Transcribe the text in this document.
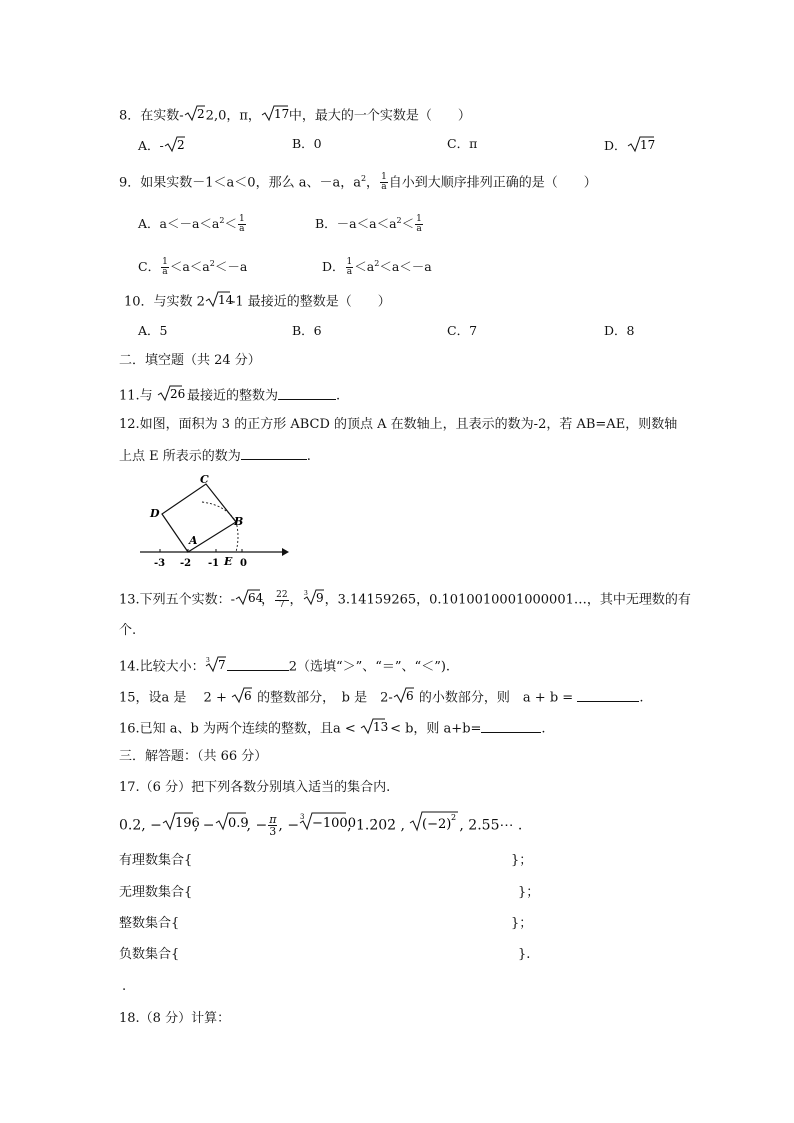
8．在实数- 2 2,0，π， 17 中，最大的一个实数是（　　）
A．- 2	B．0	C．π	D． 17
9．如果实数－1＜a＜0，那么 a、－a，$a^2$， $\frac{1}{a}$ 自小到大顺序排列正确的是（　　）
A．$a<-a<a^2< \frac{1}{a}$	B．$-a<a<a^2< \frac{1}{a}$
C． $\frac{1}{a} <a<a^2<-a$	D． $\frac{1}{a} <a^2<a<-a$
10．与实数 2 14
-1 最接近的整数是（　　）
A．5	B．6	C．7	D．8
二．填空题（共 24 分）
11.与 26 最接近的整数为	.
12.如图，面积为 3 的正方形 ABCD 的顶点 A 在数轴上，且表示的数为-2，若 AB=AE，则数轴
上点 E 所表示的数为	.
-3 -2 -1 0
C
D
B
A
E
13.下列五个实数：- 64
， $\frac{22}{7}$ ， 3 9 ，3.14159265，0.1010010001000001…，其中无理数的有
个.
14.比较大小： 3 7	2（选填“＞”、“＝”、“＜”).
15，设a 是　 2 + 6 的整数部分，　b 是　2- 6 的小数部分，则　a + b =	.
16.已知 a、b 为两个连续的整数，且a < 13 < b，则 a+b=	.
三．解答题：（共 66 分）
17.（6 分）把下列各数分别填入适当的集合内.
0.2, − 196
, − 0.9
, − $\frac{\pi}{3}$ , −
3 −1000
, 1.2̇02̇ , (−2) 2 , 2.55⋯ .
有理数集合{	}；
无理数集合{	}；
整数集合{	}；
负数集合{	}.
.
18.（8 分）计算：
